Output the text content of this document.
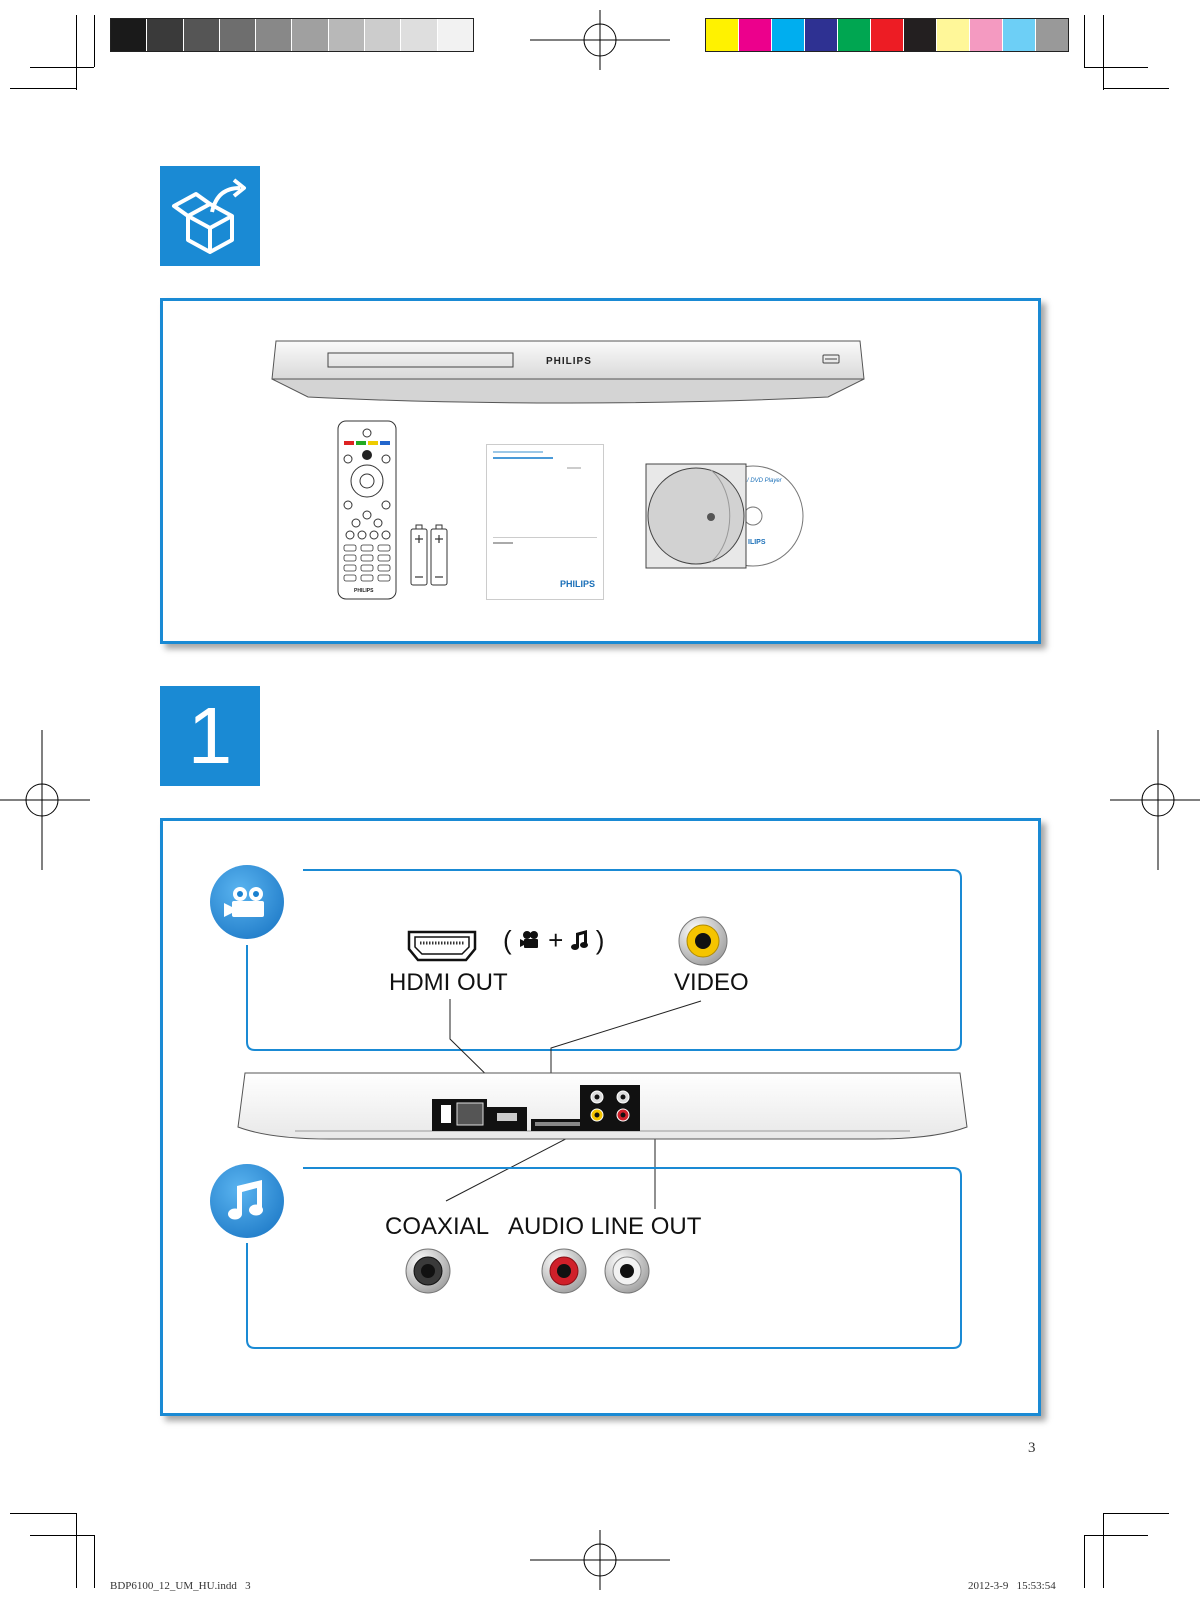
PHILIPS
PHILIPS
PHILIPS
/ DVD Player
ILIPS
1
( + )
HDMI OUT	VIDEO
COAXIAL AUDIO LINE OUT
3
BDP6100_12_UM_HU.indd   3	2012-3-9   15:53:54
